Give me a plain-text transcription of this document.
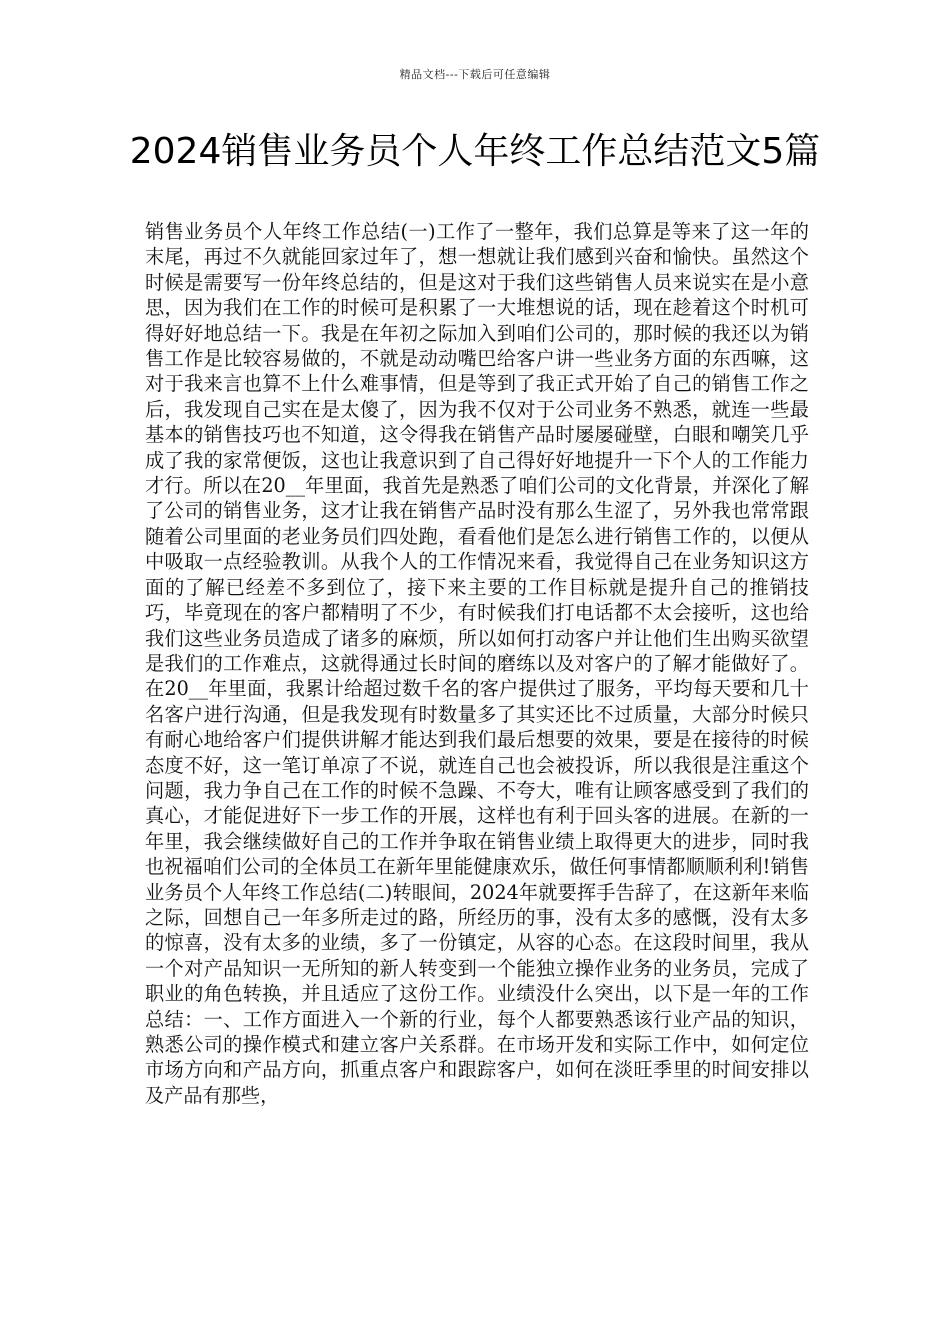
精品文档---下载后可任意编辑
2024销售业务员个人年终工作总结范文5篇

销售业务员个人年终工作总结(一)工作了一整年，我们总算是等来了这一年的末尾，再过不久就能回家过年了，想一想就让我们感到兴奋和愉快。虽然这个时候是需要写一份年终总结的，但是这对于我们这些销售人员来说实在是小意思，因为我们在工作的时候可是积累了一大堆想说的话，现在趁着这个时机可得好好地总结一下。我是在年初之际加入到咱们公司的，那时候的我还以为销售工作是比较容易做的，不就是动动嘴巴给客户讲一些业务方面的东西嘛，这对于我来言也算不上什么难事情，但是等到了我正式开始了自己的销售工作之后，我发现自己实在是太傻了，因为我不仅对于公司业务不熟悉，就连一些最基本的销售技巧也不知道，这令得我在销售产品时屡屡碰壁，白眼和嘲笑几乎成了我的家常便饭，这也让我意识到了自己得好好地提升一下个人的工作能力才行。所以在20__年里面，我首先是熟悉了咱们公司的文化背景，并深化了解了公司的销售业务，这才让我在销售产品时没有那么生涩了，另外我也常常跟随着公司里面的老业务员们四处跑，看看他们是怎么进行销售工作的，以便从中吸取一点经验教训。从我个人的工作情况来看，我觉得自己在业务知识这方面的了解已经差不多到位了，接下来主要的工作目标就是提升自己的推销技巧，毕竟现在的客户都精明了不少，有时候我们打电话都不太会接听，这也给我们这些业务员造成了诸多的麻烦，所以如何打动客户并让他们生出购买欲望是我们的工作难点，这就得通过长时间的磨练以及对客户的了解才能做好了。在20__年里面，我累计给超过数千名的客户提供过了服务，平均每天要和几十名客户进行沟通，但是我发现有时数量多了其实还比不过质量，大部分时候只有耐心地给客户们提供讲解才能达到我们最后想要的效果，要是在接待的时候态度不好，这一笔订单凉了不说，就连自己也会被投诉，所以我很是注重这个问题，我力争自己在工作的时候不急躁、不夸大，唯有让顾客感受到了我们的真心，才能促进好下一步工作的开展，这样也有利于回头客的进展。在新的一年里，我会继续做好自己的工作并争取在销售业绩上取得更大的进步，同时我也祝福咱们公司的全体员工在新年里能健康欢乐，做任何事情都顺顺利利!销售业务员个人年终工作总结(二)转眼间，2024年就要挥手告辞了，在这新年来临之际，回想自己一年多所走过的路，所经历的事，没有太多的感慨，没有太多的惊喜，没有太多的业绩，多了一份镇定，从容的心态。在这段时间里，我从一个对产品知识一无所知的新人转变到一个能独立操作业务的业务员，完成了职业的角色转换，并且适应了这份工作。业绩没什么突出，以下是一年的工作总结：一、工作方面进入一个新的行业，每个人都要熟悉该行业产品的知识，熟悉公司的操作模式和建立客户关系群。在市场开发和实际工作中，如何定位市场方向和产品方向，抓重点客户和跟踪客户，如何在淡旺季里的时间安排以及产品有那些，
